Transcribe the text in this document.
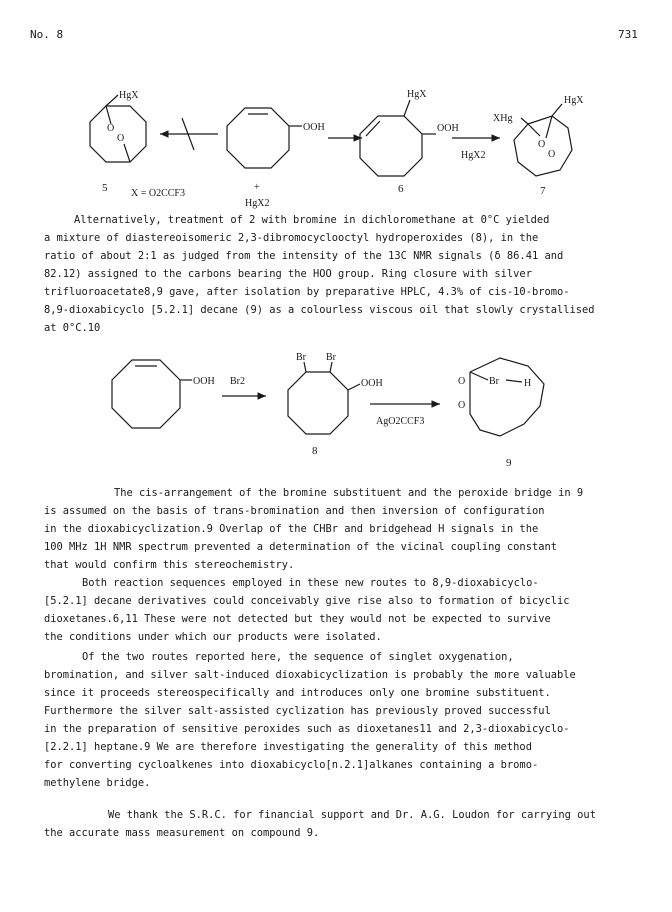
No. 8	731
O
O
HgX
5 X = O2CCF3
OOH
+
HgX2
HgX
OOH
6
HgX2
O
O
XHg
HgX
7
Alternatively, treatment of 2 with bromine in dichloromethane at 0°C yielded
a mixture of diastereoisomeric 2,3-dibromocyclooctyl hydroperoxides (8), in the
ratio of about 2:1 as judged from the intensity of the 13C NMR signals (δ 86.41 and
82.12) assigned to the carbons bearing the HOO group. Ring closure with silver
trifluoroacetate8,9 gave, after isolation by preparative HPLC, 4.3% of cis-10-bromo-
8,9-dioxabicyclo [5.2.1] decane (9) as a colourless viscous oil that slowly crystallised
at 0°C.10
OOH Br2
Br Br
OOH
8
AgO2CCF3
O
O
Br	H
9
The cis-arrangement of the bromine substituent and the peroxide bridge in 9
is assumed on the basis of trans-bromination and then inversion of configuration
in the dioxabicyclization.9 Overlap of the CHBr and bridgehead H signals in the
100 MHz 1H NMR spectrum prevented a determination of the vicinal coupling constant
that would confirm this stereochemistry.
Both reaction sequences employed in these new routes to 8,9-dioxabicyclo-
[5.2.1] decane derivatives could conceivably give rise also to formation of bicyclic
dioxetanes.6,11 These were not detected but they would not be expected to survive
the conditions under which our products were isolated.
Of the two routes reported here, the sequence of singlet oxygenation,
bromination, and silver salt-induced dioxabicyclization is probably the more valuable
since it proceeds stereospecifically and introduces only one bromine substituent.
Furthermore the silver salt-assisted cyclization has previously proved successful
in the preparation of sensitive peroxides such as dioxetanes11 and 2,3-dioxabicyclo-
[2.2.1] heptane.9 We are therefore investigating the generality of this method
for converting cycloalkenes into dioxabicyclo[n.2.1]alkanes containing a bromo-
methylene bridge.
We thank the S.R.C. for financial support and Dr. A.G. Loudon for carrying out
the accurate mass measurement on compound 9.
